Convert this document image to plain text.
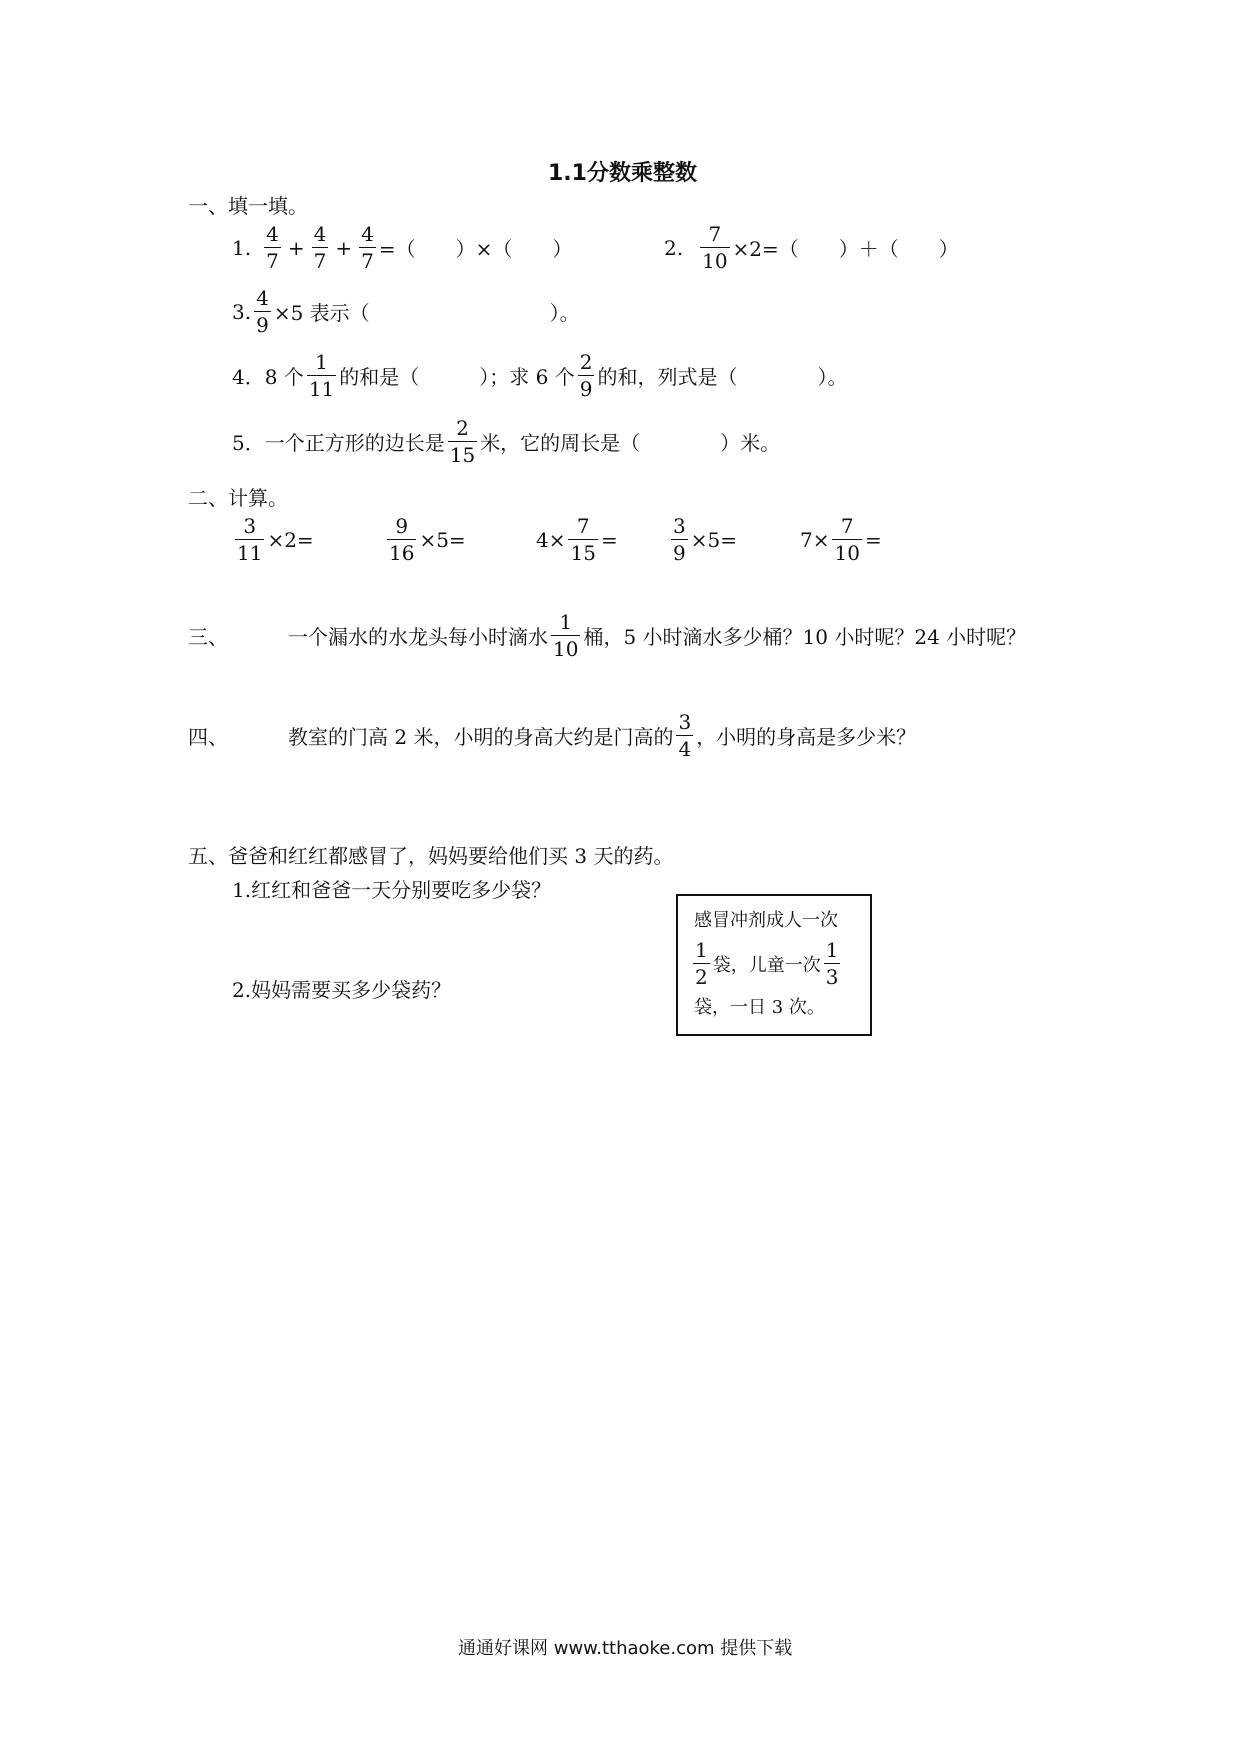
1.1分数乘整数
一、填一填。
1. $\frac{4}{7} + \frac{4}{7} + \frac{4}{7}$ =（　　）×（　　）	2. $\frac{7}{10} \times 2=$（　　）＋（　　）
3. $\frac{4}{9} \times 5$ 表示（　　　　　　　　　）。
4．8 个 $\frac{1}{11}$ 的和是（　　　）；求 6 个 $\frac{2}{9}$ 的和，列式是（　　　　）。
5．一个正方形的边长是 $\frac{2}{15}$ 米，它的周长是（　　　　）米。
二、计算。
$\frac{3}{11} \times 2=$	$\frac{9}{16} \times 5=$	$4\times \frac{7}{15}$ =	$\frac{3}{9} \times 5=$	$7\times \frac{7}{10}$ =
三、	一个漏水的水龙头每小时滴水 $\frac{1}{10}$ 桶，5 小时滴水多少桶？10 小时呢？24 小时呢？
四、	教室的门高 2 米，小明的身高大约是门高的 $\frac{3}{4}$ ，小明的身高是多少米？
五、爸爸和红红都感冒了，妈妈要给他们买 3 天的药。
1.红红和爸爸一天分别要吃多少袋？
2.妈妈需要买多少袋药？
感冒冲剂成人一次
$\frac{1}{2}$ 袋，儿童一次 $\frac{1}{3}$
袋，一日 3 次。
通通好课网 www.tthaoke.com 提供下载
